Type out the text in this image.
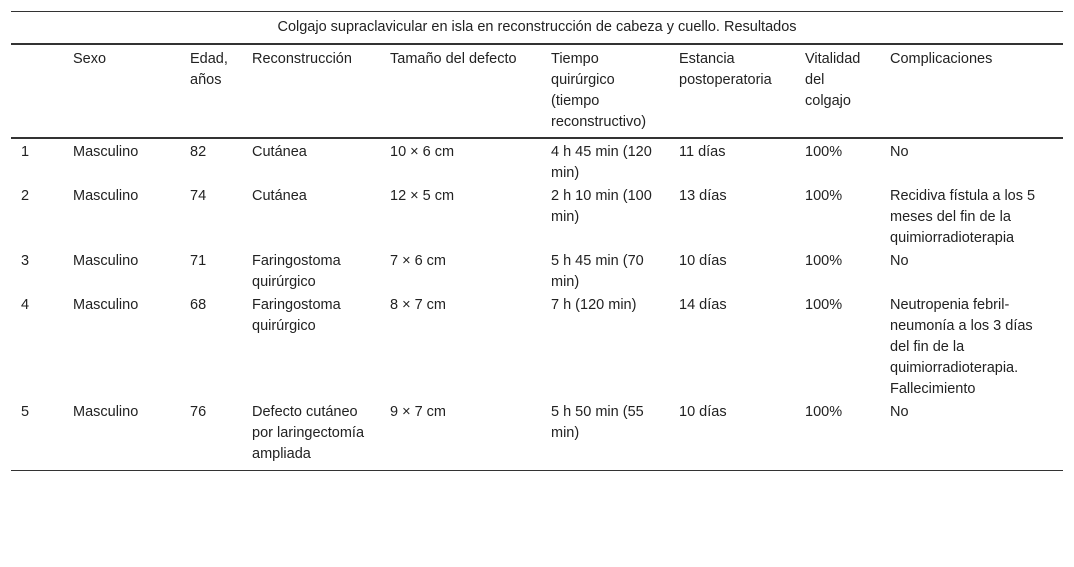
Colgajo supraclavicular en isla en reconstrucción de cabeza y cuello. Resultados
	Sexo	Edad, años	Reconstrucción	Tamaño del defecto	Tiempo quirúrgico (tiempo reconstructivo)	Estancia postoperatoria	Vitalidad del colgajo	Complicaciones
1	Masculino	82	Cutánea	10 × 6 cm	4 h 45 min (120 min)	11 días	100%	No
2	Masculino	74	Cutánea	12 × 5 cm	2 h 10 min (100 min)	13 días	100%	Recidiva fístula a los 5 meses del fin de la quimiorradioterapia
3	Masculino	71	Faringostoma quirúrgico	7 × 6 cm	5 h 45 min (70 min)	10 días	100%	No
4	Masculino	68	Faringostoma quirúrgico	8 × 7 cm	7 h (120 min)	14 días	100%	Neutropenia febril-neumonía a los 3 días del fin de la quimiorradioterapia. Fallecimiento
5	Masculino	76	Defecto cutáneo por laringectomía ampliada	9 × 7 cm	5 h 50 min (55 min)	10 días	100%	No
